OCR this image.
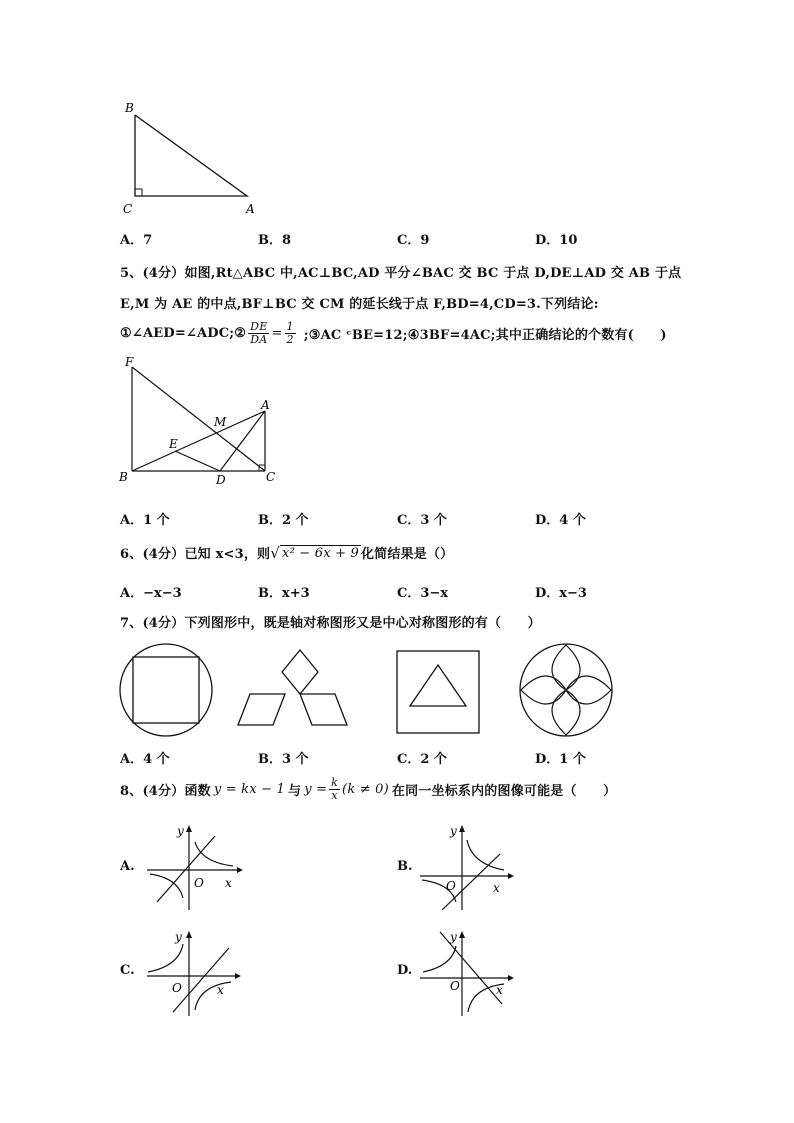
B
C	A
A．7	B．8	C．9	D．10
5、(4分）如图,Rt△ABC 中,AC⊥BC,AD 平分∠BAC 交 BC 于点 D,DE⊥AD 交 AB 于点
E,M 为 AE 的中点,BF⊥BC 交 CM 的延长线于点 F,BD=4,CD=3.下列结论:
①∠AED=∠ADC;② $\frac{DE}{DA} = \frac{1}{2}$ ;③AC ᶜBE=12;④3BF=4AC;其中正确结论的个数有(　　)
F
A
M
E
B	D	C
A．1 个	B．2 个	C．3 个	D．4 个
6、(4分）已知 x<3，则 √ x² − 6x + 9 化简结果是（）
A．−x−3	B．x+3	C．3−x	D．x−3
7、(4分）下列图形中，既是轴对称图形又是中心对称图形的有（　　）
A．4 个	B．3 个	C．2 个	D．1 个
8、(4分）函数 y = kx − 1 与 $y = \frac{k}{x} (k \ne 0)$ 在同一坐标系内的图像可能是（　　）
A.
y
O x
B.
y
O	x
C.
y
O	x
D.
y
O	x
